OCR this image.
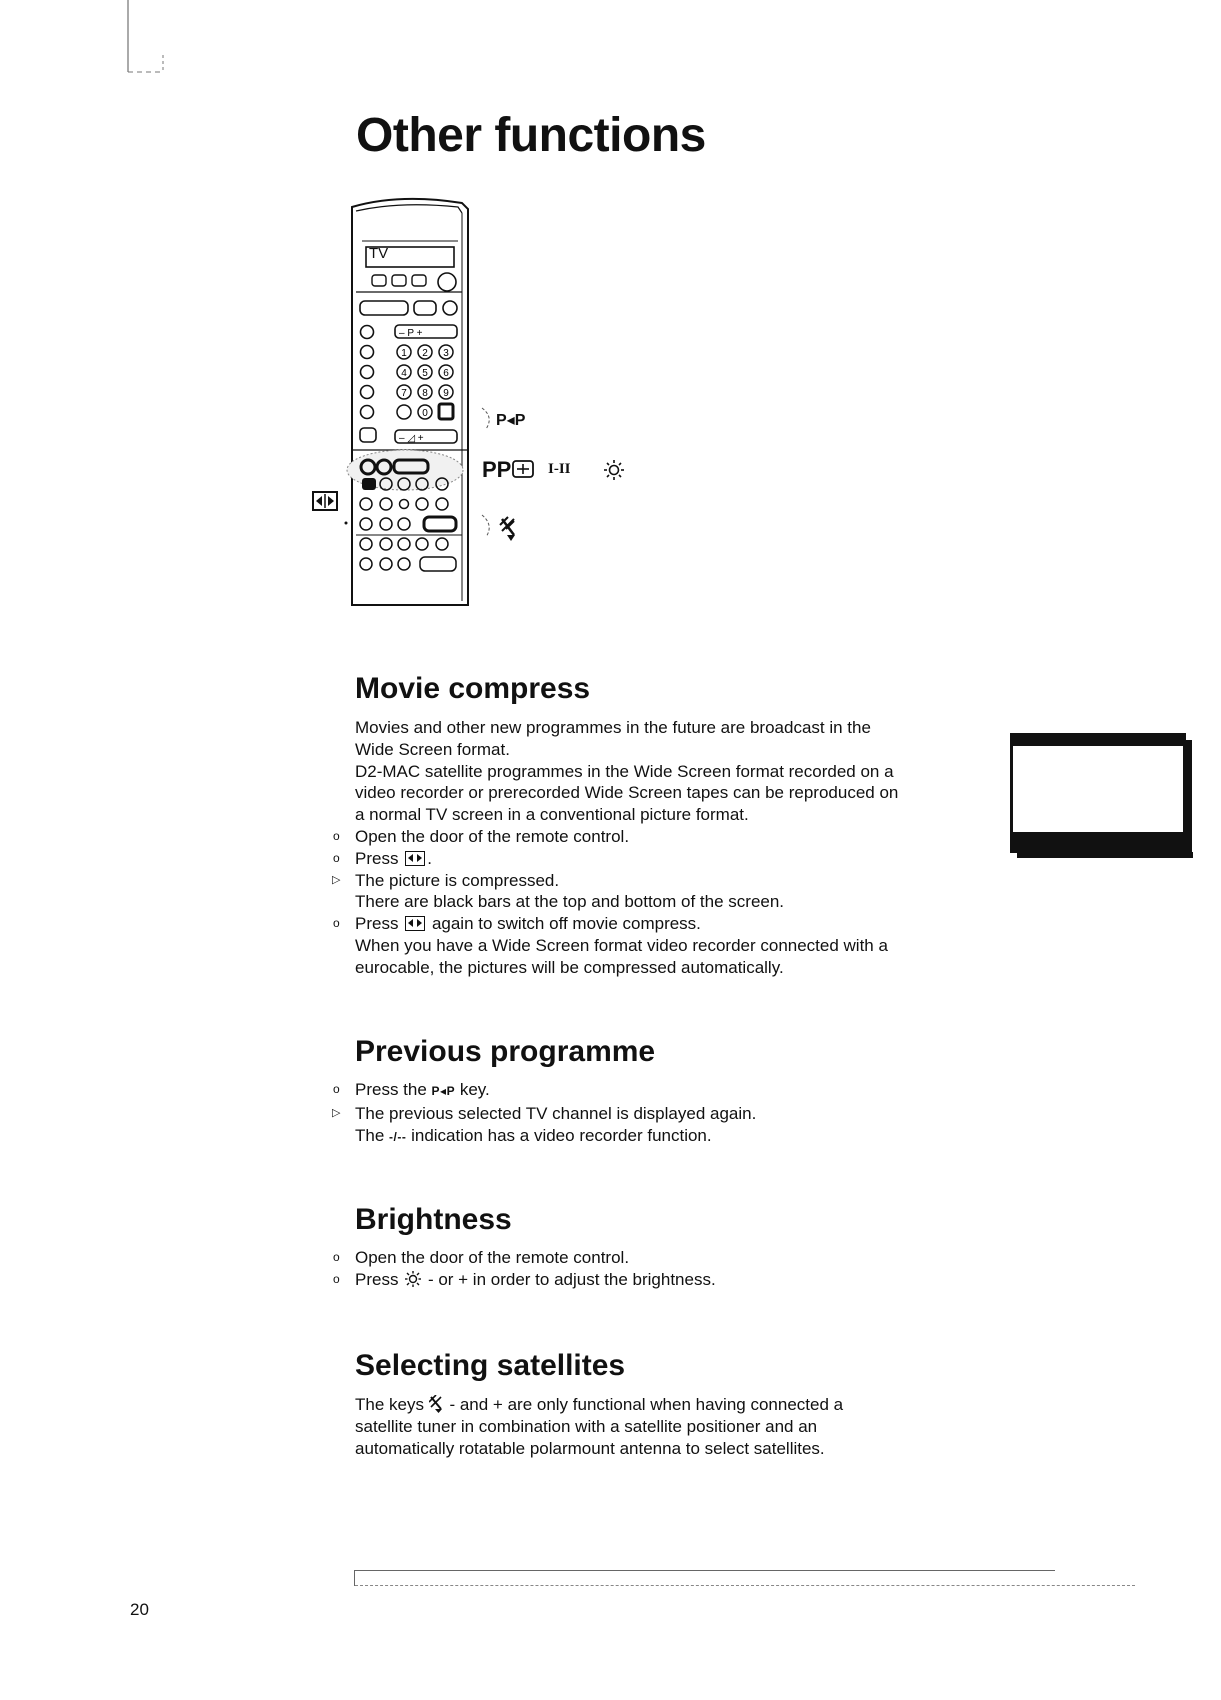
Other functions
– P +
1 2 3
4 5 6
7 8 9
0
– ◿ +
TV
P◂P
PP I-II
Movie compress
Movies and other new programmes in the future are broadcast in the
Wide Screen format.
D2-MAC satellite programmes in the Wide Screen format recorded on a
video recorder or prerecorded Wide Screen tapes can be reproduced on
a normal TV screen in a conventional picture format.
o Open the door of the remote control.
o Press .
▷ The picture is compressed.
There are black bars at the top and bottom of the screen.
o Press again to switch off movie compress.
When you have a Wide Screen format video recorder connected with a
eurocable, the pictures will be compressed automatically.
Previous programme
o Press the P◂P key.
▷ The previous selected TV channel is displayed again.
The -/-- indication has a video recorder function.
Brightness
o Open the door of the remote control.
o Press - or + in order to adjust the brightness.
Selecting satellites
The keys - and + are only functional when having connected a
satellite tuner in combination with a satellite positioner and an
automatically rotatable polarmount antenna to select satellites.
20
